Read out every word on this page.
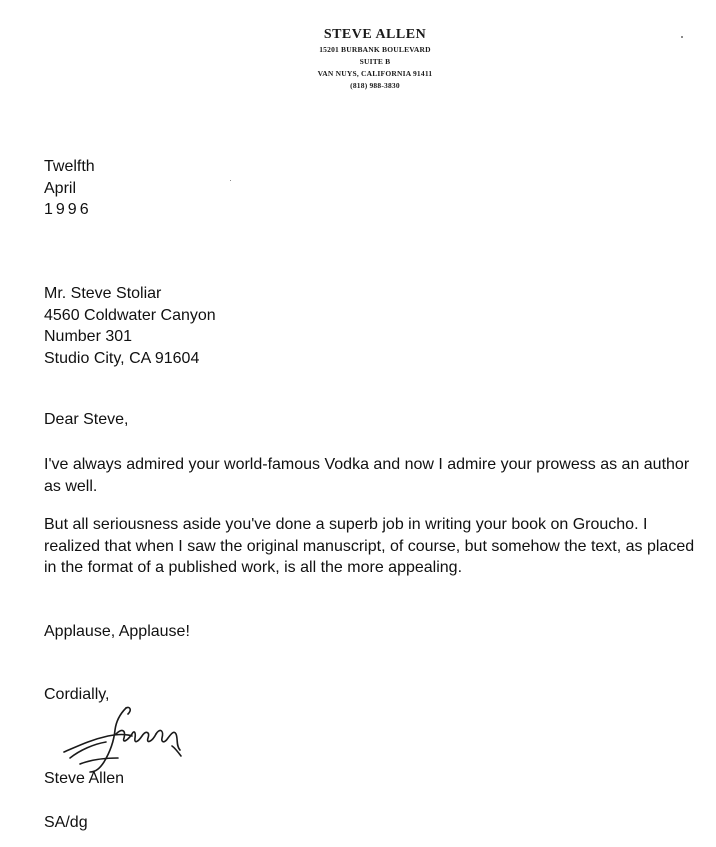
STEVE ALLEN
15201 BURBANK BOULEVARD
SUITE B
VAN NUYS, CALIFORNIA 91411
(818) 988-3830
Twelfth
April
1996
Mr. Steve Stoliar
4560 Coldwater Canyon
Number 301
Studio City, CA 91604
Dear Steve,
I've always admired your world-famous Vodka and now I admire your prowess as an author as well.
But all seriousness aside you've done a superb job in writing your book on Groucho. I realized that when I saw the original manuscript, of course, but somehow the text, as placed in the format of a published work, is all the more appealing.
Applause, Applause!
Cordially,
Steve Allen
SA/dg
